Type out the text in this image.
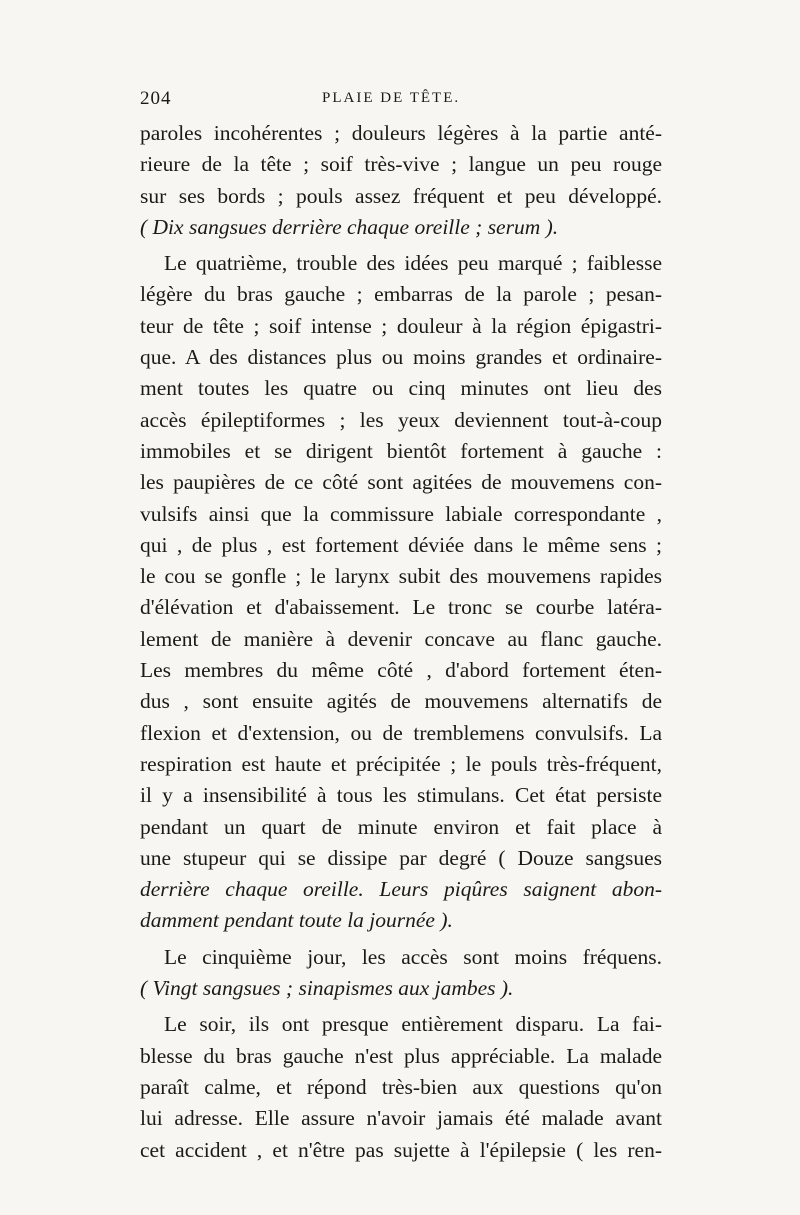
204	PLAIE DE TÊTE.
paroles incohérentes ; douleurs légères à la partie anté-
rieure de la tête ; soif très-vive ; langue un peu rouge
sur ses bords ; pouls assez fréquent et peu développé.
( Dix sangsues derrière chaque oreille ; serum ).
Le quatrième, trouble des idées peu marqué ; faiblesse
légère du bras gauche ; embarras de la parole ; pesan-
teur de tête ; soif intense ; douleur à la région épigastri-
que. A des distances plus ou moins grandes et ordinaire-
ment toutes les quatre ou cinq minutes ont lieu des
accès épileptiformes ; les yeux deviennent tout-à-coup
immobiles et se dirigent bientôt fortement à gauche :
les paupières de ce côté sont agitées de mouvemens con-
vulsifs ainsi que la commissure labiale correspondante ,
qui , de plus , est fortement déviée dans le même sens ;
le cou se gonfle ; le larynx subit des mouvemens rapides
d'élévation et d'abaissement. Le tronc se courbe latéra-
lement de manière à devenir concave au flanc gauche.
Les membres du même côté , d'abord fortement éten-
dus , sont ensuite agités de mouvemens alternatifs de
flexion et d'extension, ou de tremblemens convulsifs. La
respiration est haute et précipitée ; le pouls très-fréquent,
il y a insensibilité à tous les stimulans. Cet état persiste
pendant un quart de minute environ et fait place à
une stupeur qui se dissipe par degré ( Douze sangsues
derrière chaque oreille. Leurs piqûres saignent abon-
damment pendant toute la journée ).
Le cinquième jour, les accès sont moins fréquens.
( Vingt sangsues ; sinapismes aux jambes ).
Le soir, ils ont presque entièrement disparu. La fai-
blesse du bras gauche n'est plus appréciable. La malade
paraît calme, et répond très-bien aux questions qu'on
lui adresse. Elle assure n'avoir jamais été malade avant
cet accident , et n'être pas sujette à l'épilepsie ( les ren-
